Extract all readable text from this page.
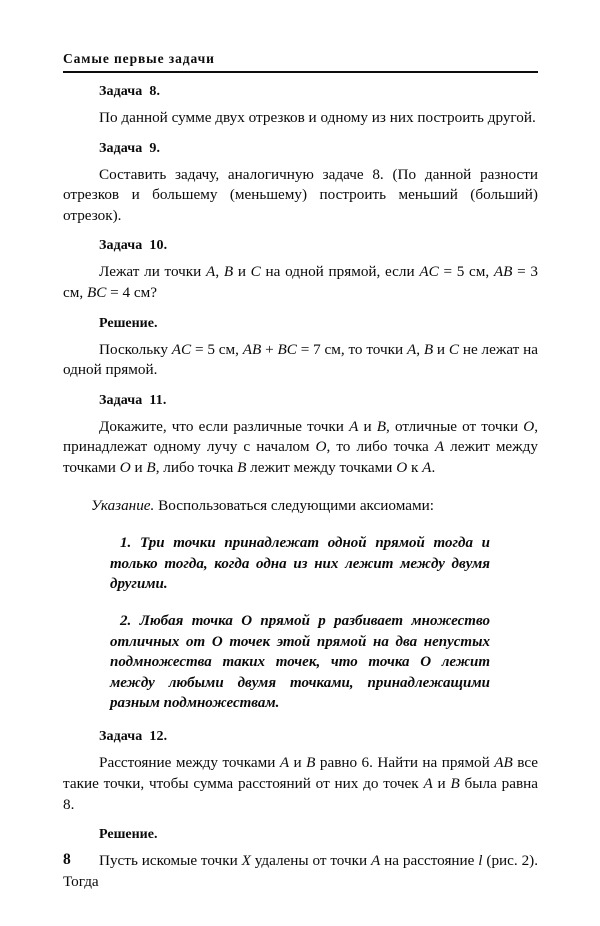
Самые первые задачи

Задача 8.

По данной сумме двух отрезков и одному из них построить другой.

Задача 9.

Составить задачу, аналогичную задаче 8. (По данной разности отрезков и большему (меньшему) построить меньший (больший) отрезок).

Задача 10.

Лежат ли точки A, B и C на одной прямой, если AC = 5 см, AB = 3 см, BC = 4 см?

Решение.

Поскольку AC = 5 см, AB + BC = 7 см, то точки A, B и C не лежат на одной прямой.

Задача 11.

Докажите, что если различные точки A и B, отличные от точки O, принадлежат одному лучу с началом O, то либо точка A лежит между точками O и B, либо точка B лежит между точками O к A.

Указание. Воспользоваться следующими аксиомами:

1. Три точки принадлежат одной прямой тогда и только тогда, когда одна из них лежит между двумя другими.

2. Любая точка O прямой p разбивает множество отличных от O точек этой прямой на два непустых подмножества таких точек, что точка O лежит между любыми двумя точками, принадлежащими разным подмножествам.

Задача 12.

Расстояние между точками A и B равно 6. Найти на прямой AB все такие точки, чтобы сумма расстояний от них до точек A и B была равна 8.

Решение.

Пусть искомые точки X удалены от точки A на расстояние l (рис. 2). Тогда

8
